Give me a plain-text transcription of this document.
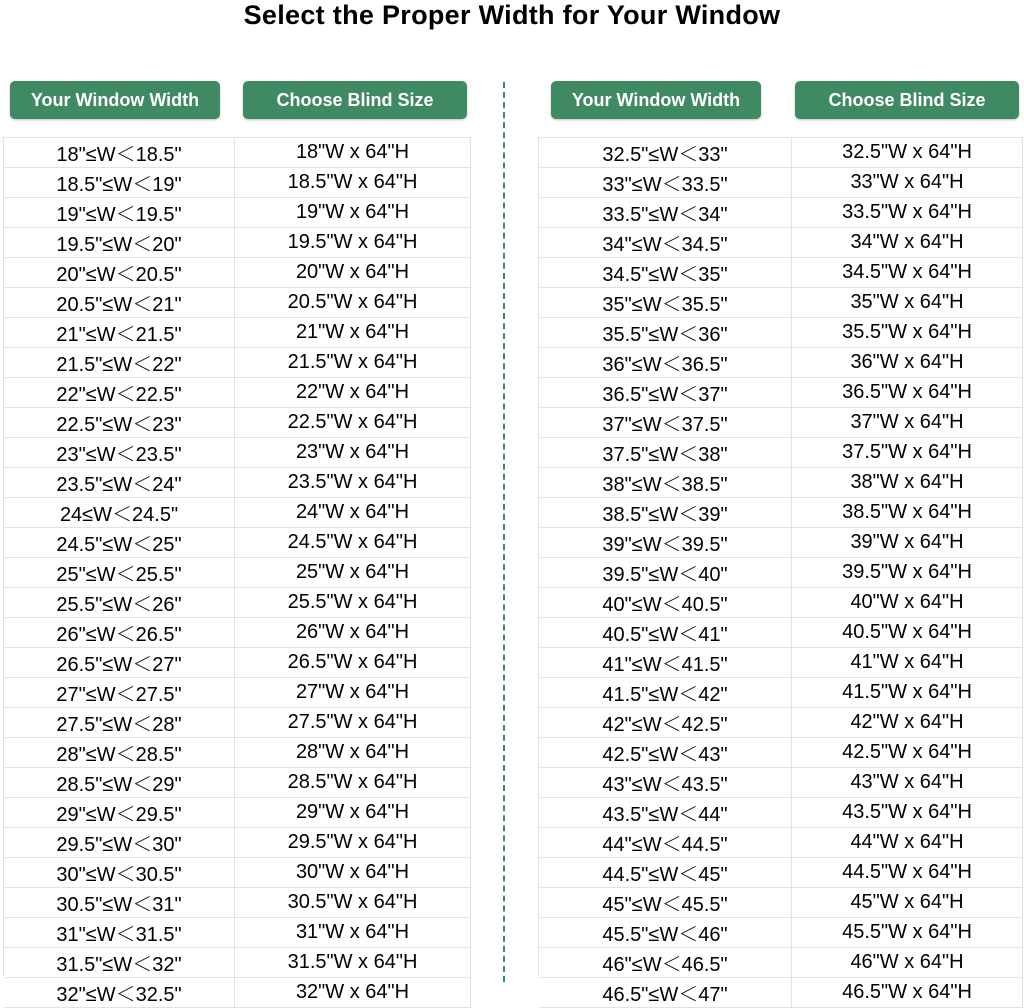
Select the Proper Width for Your Window
Your Window Width	Choose Blind Size
18"≤W＜18.5"	18"W x 64"H
18.5"≤W＜19"	18.5"W x 64"H
19"≤W＜19.5"	19"W x 64"H
19.5"≤W＜20"	19.5"W x 64"H
20"≤W＜20.5"	20"W x 64"H
20.5"≤W＜21"	20.5"W x 64"H
21"≤W＜21.5"	21"W x 64"H
21.5"≤W＜22"	21.5"W x 64"H
22"≤W＜22.5"	22"W x 64"H
22.5"≤W＜23"	22.5"W x 64"H
23"≤W＜23.5"	23"W x 64"H
23.5"≤W＜24"	23.5"W x 64"H
24≤W＜24.5"	24"W x 64"H
24.5"≤W＜25"	24.5"W x 64"H
25"≤W＜25.5"	25"W x 64"H
25.5"≤W＜26"	25.5"W x 64"H
26"≤W＜26.5"	26"W x 64"H
26.5"≤W＜27"	26.5"W x 64"H
27"≤W＜27.5"	27"W x 64"H
27.5"≤W＜28"	27.5"W x 64"H
28"≤W＜28.5"	28"W x 64"H
28.5"≤W＜29"	28.5"W x 64"H
29"≤W＜29.5"	29"W x 64"H
29.5"≤W＜30"	29.5"W x 64"H
30"≤W＜30.5"	30"W x 64"H
30.5"≤W＜31"	30.5"W x 64"H
31"≤W＜31.5"	31"W x 64"H
31.5"≤W＜32"	31.5"W x 64"H
32"≤W＜32.5"	32"W x 64"H
Your Window Width	Choose Blind Size
32.5"≤W＜33"	32.5"W x 64"H
33"≤W＜33.5"	33"W x 64"H
33.5"≤W＜34"	33.5"W x 64"H
34"≤W＜34.5"	34"W x 64"H
34.5"≤W＜35"	34.5"W x 64"H
35"≤W＜35.5"	35"W x 64"H
35.5"≤W＜36"	35.5"W x 64"H
36"≤W＜36.5"	36"W x 64"H
36.5"≤W＜37"	36.5"W x 64"H
37"≤W＜37.5"	37"W x 64"H
37.5"≤W＜38"	37.5"W x 64"H
38"≤W＜38.5"	38"W x 64"H
38.5"≤W＜39"	38.5"W x 64"H
39"≤W＜39.5"	39"W x 64"H
39.5"≤W＜40"	39.5"W x 64"H
40"≤W＜40.5"	40"W x 64"H
40.5"≤W＜41"	40.5"W x 64"H
41"≤W＜41.5"	41"W x 64"H
41.5"≤W＜42"	41.5"W x 64"H
42"≤W＜42.5"	42"W x 64"H
42.5"≤W＜43"	42.5"W x 64"H
43"≤W＜43.5"	43"W x 64"H
43.5"≤W＜44"	43.5"W x 64"H
44"≤W＜44.5"	44"W x 64"H
44.5"≤W＜45"	44.5"W x 64"H
45"≤W＜45.5"	45"W x 64"H
45.5"≤W＜46"	45.5"W x 64"H
46"≤W＜46.5"	46"W x 64"H
46.5"≤W＜47"	46.5"W x 64"H
